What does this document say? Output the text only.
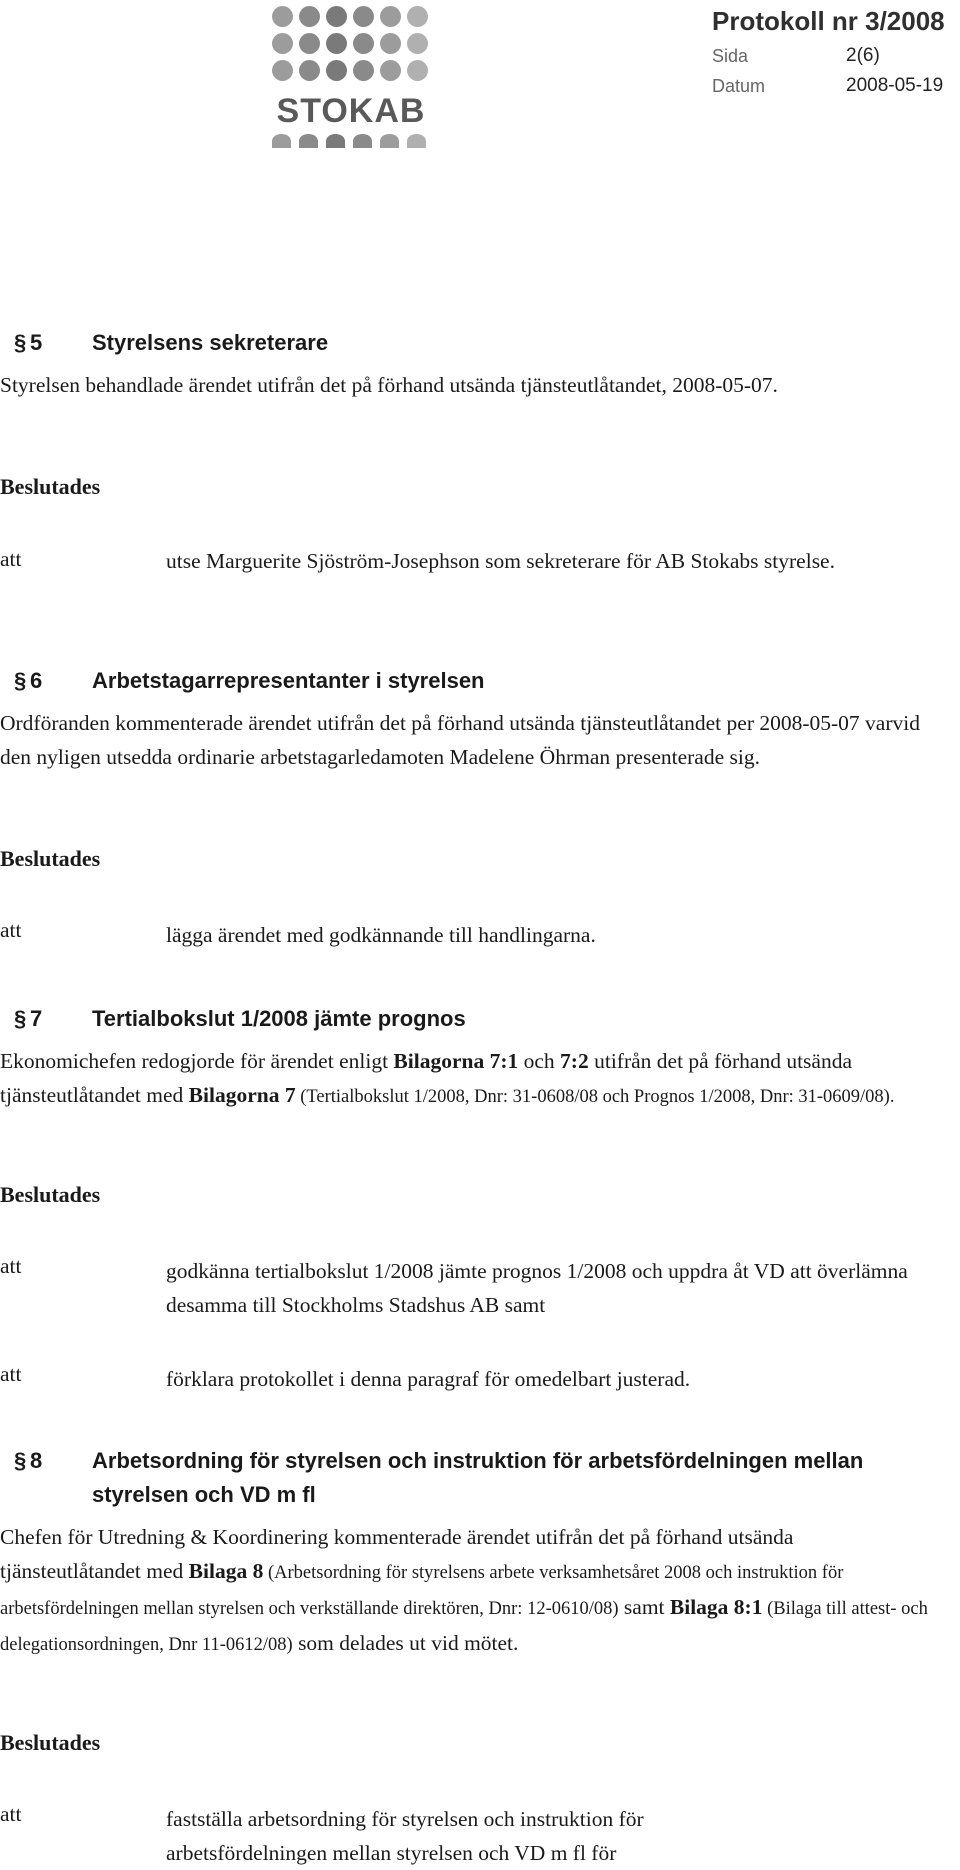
STOKAB
Protokoll nr 3/2008
Sida	2(6)
Datum	2008-05-19
§ 5 Styrelsens sekreterare
Styrelsen behandlade ärendet utifrån det på förhand utsända tjänsteutlåtandet, 2008-05-07.
Beslutades
att	utse Marguerite Sjöström-Josephson som sekreterare för AB Stokabs styrelse.
§ 6 Arbetstagarrepresentanter i styrelsen
Ordföranden kommenterade ärendet utifrån det på förhand utsända tjänsteutlåtandet per 2008-05-07 varvid den nyligen utsedda ordinarie arbetstagarledamoten Madelene Öhrman presenterade sig.
Beslutades
att	lägga ärendet med godkännande till handlingarna.
§ 7 Tertialbokslut 1/2008 jämte prognos
Ekonomichefen redogjorde för ärendet enligt Bilagorna 7:1 och 7:2 utifrån det på förhand utsända tjänsteutlåtandet med Bilagorna 7 (Tertialbokslut 1/2008, Dnr: 31-0608/08 och Prognos 1/2008, Dnr: 31-0609/08).
Beslutades
att	godkänna tertialbokslut 1/2008 jämte prognos 1/2008 och uppdra åt VD att överlämna desamma till Stockholms Stadshus AB samt
att	förklara protokollet i denna paragraf för omedelbart justerad.
§ 8 Arbetsordning för styrelsen och instruktion för arbetsfördelningen mellan styrelsen och VD m fl
Chefen för Utredning & Koordinering kommenterade ärendet utifrån det på förhand utsända tjänsteutlåtandet med Bilaga 8 (Arbetsordning för styrelsens arbete verksamhetsåret 2008 och instruktion för arbetsfördelningen mellan styrelsen och verkställande direktören, Dnr: 12-0610/08) samt Bilaga 8:1 (Bilaga till attest- och delegationsordningen, Dnr 11-0612/08) som delades ut vid mötet.
Beslutades
att	fastställa arbetsordning för styrelsen och instruktion för arbetsfördelningen mellan styrelsen och VD m fl för
